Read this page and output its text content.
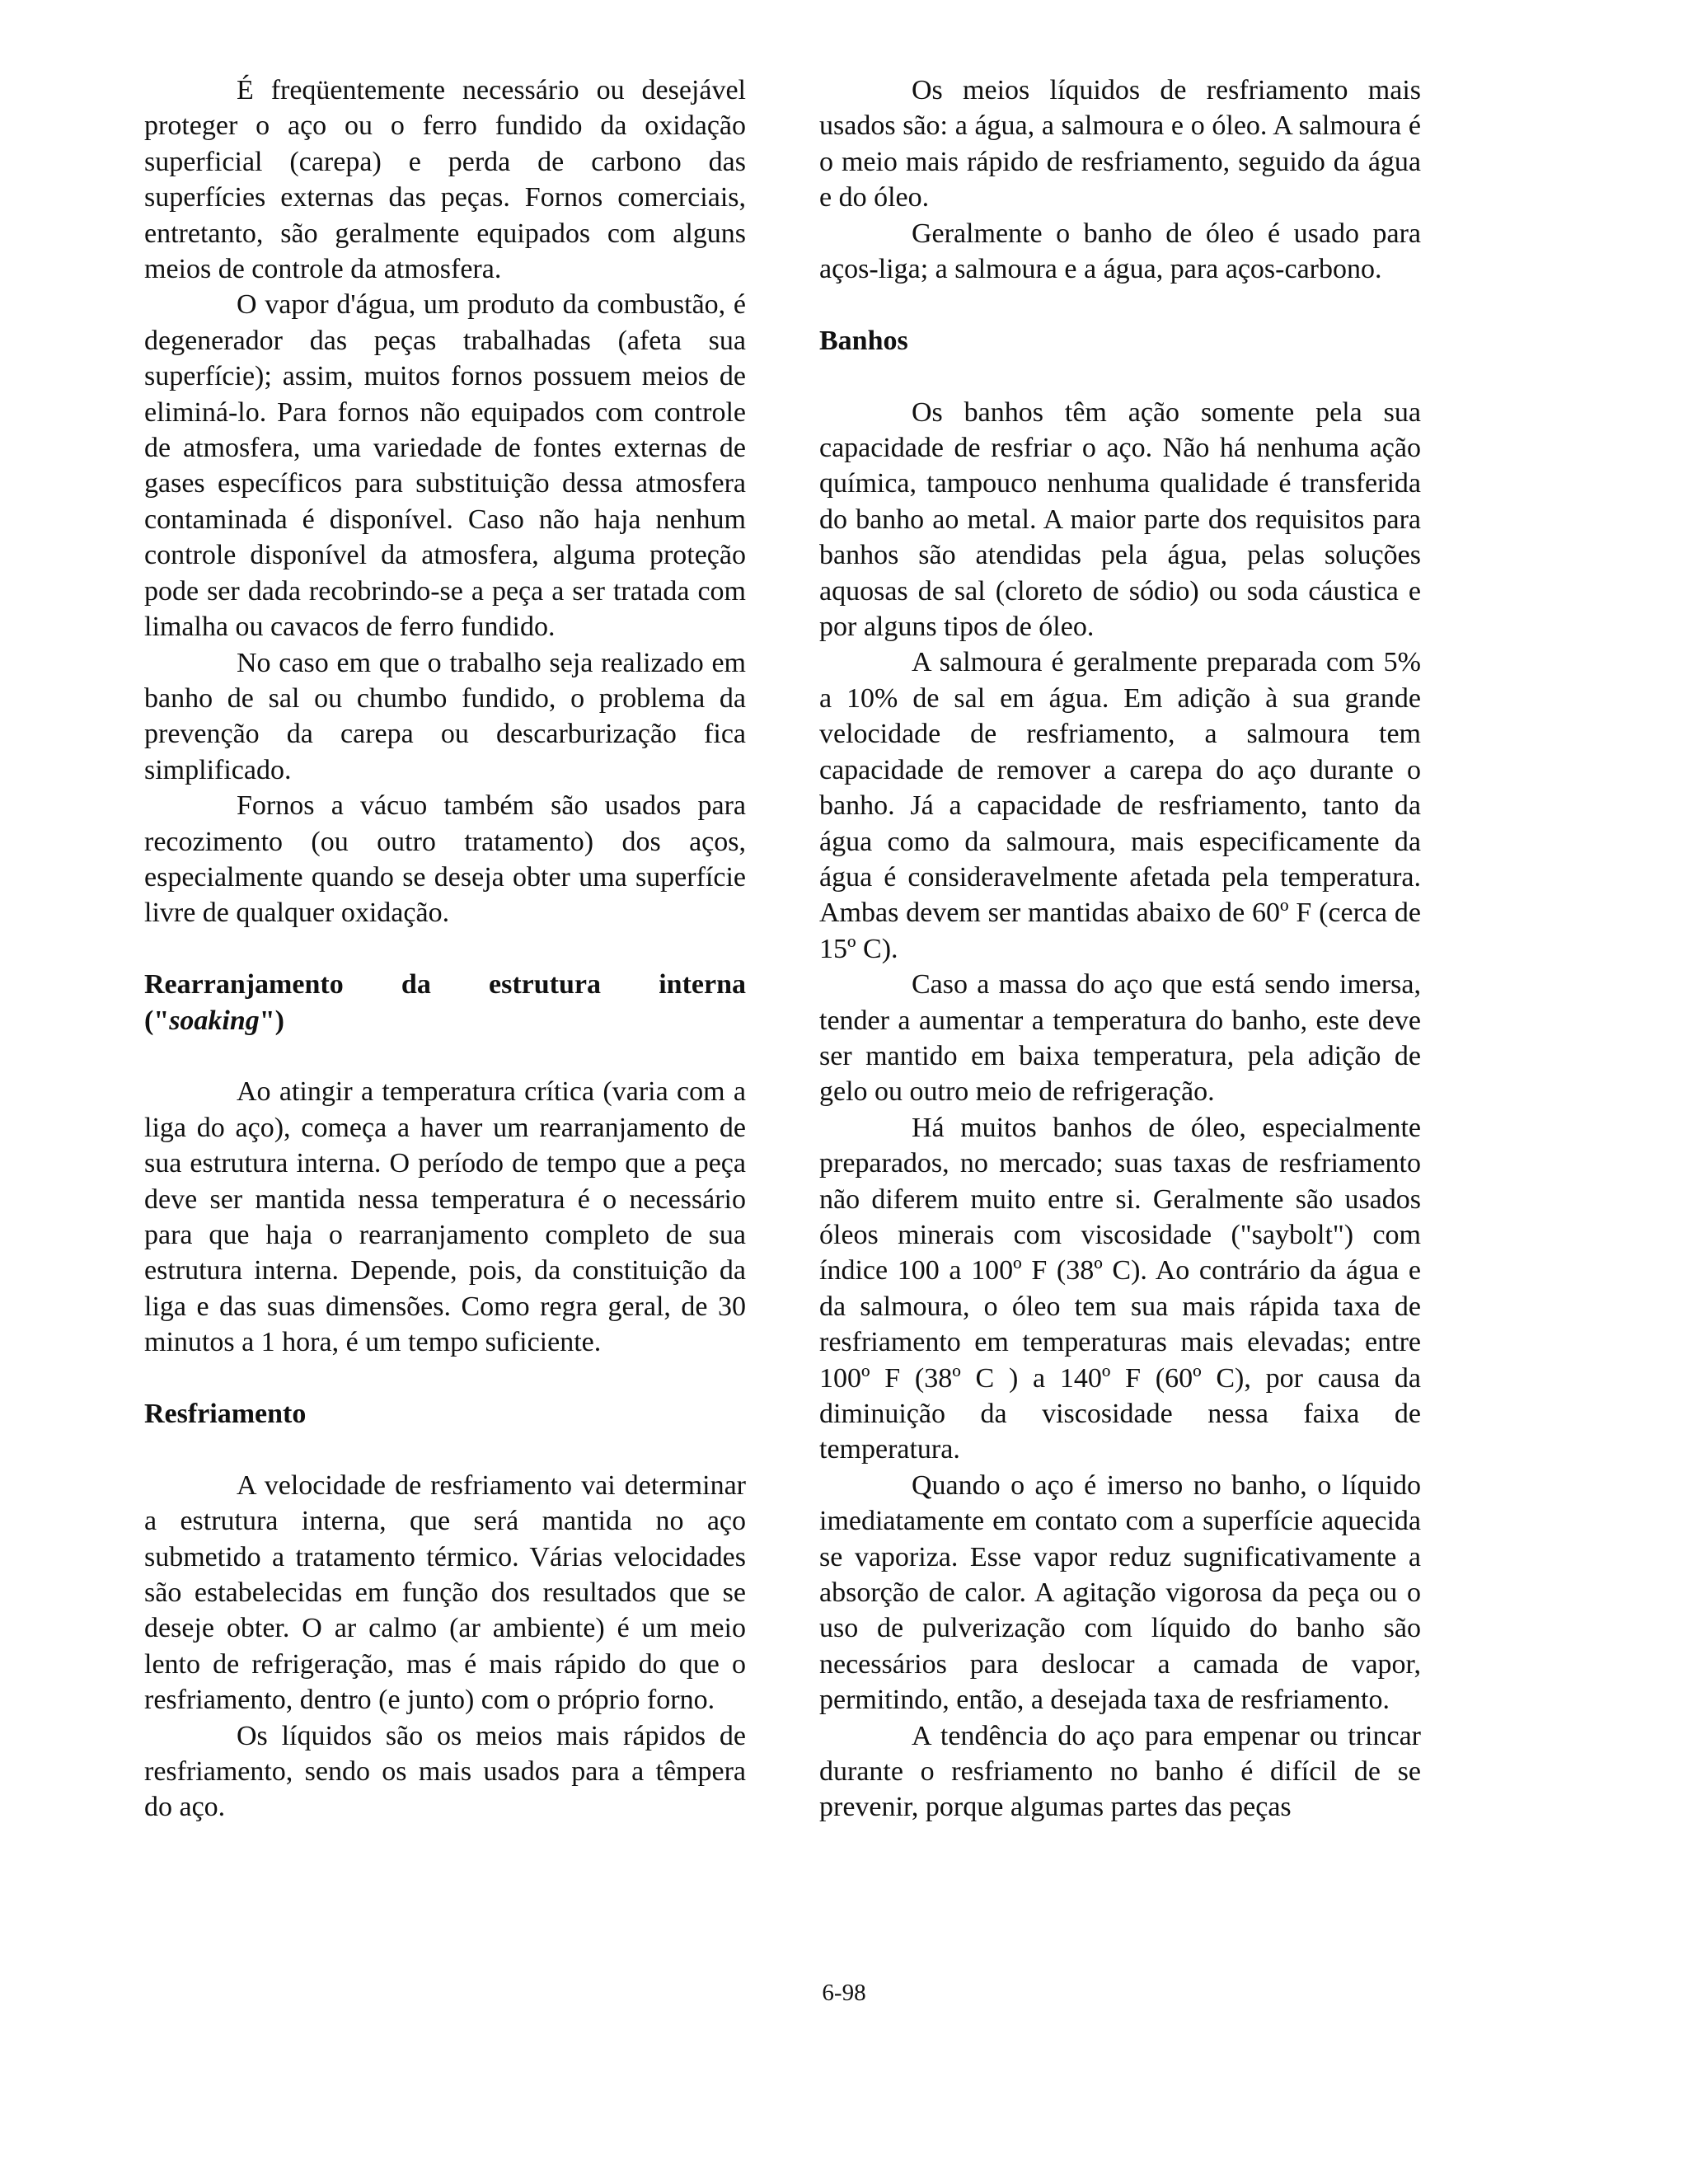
É freqüentemente necessário ou desejável proteger o aço ou o ferro fundido da oxidação superficial (carepa) e perda de carbono das superfícies externas das peças. Fornos comerciais, entretanto, são geralmente equipados com alguns meios de controle da atmosfera.

O vapor d'água, um produto da combustão, é degenerador das peças trabalhadas (afeta sua superfície); assim, muitos fornos possuem meios de eliminá-lo. Para fornos não equipados com controle de atmosfera, uma variedade de fontes externas de gases específicos para substituição dessa atmosfera contaminada é disponível. Caso não haja nenhum controle disponível da atmosfera, alguma proteção pode ser dada recobrindo-se a peça a ser tratada com limalha ou cavacos de ferro fundido.

No caso em que o trabalho seja realizado em banho de sal ou chumbo fundido, o problema da prevenção da carepa ou descarburização fica simplificado.

Fornos a vácuo também são usados para recozimento (ou outro tratamento) dos aços, especialmente quando se deseja obter uma superfície livre de qualquer oxidação.

Rearranjamento da estrutura interna
("soaking")

Ao atingir a temperatura crítica (varia com a liga do aço), começa a haver um rearranjamento de sua estrutura interna. O período de tempo que a peça deve ser mantida nessa temperatura é o necessário para que haja o rearranjamento completo de sua estrutura interna. Depende, pois, da constituição da liga e das suas dimensões. Como regra geral, de 30 minutos a 1 hora, é um tempo suficiente.

Resfriamento

A velocidade de resfriamento vai determinar a estrutura interna, que será mantida no aço submetido a tratamento térmico. Várias velocidades são estabelecidas em função dos resultados que se deseje obter. O ar calmo (ar ambiente) é um meio lento de refrigeração, mas é mais rápido do que o resfriamento, dentro (e junto) com o próprio forno.

Os líquidos são os meios mais rápidos de resfriamento, sendo os mais usados para a têmpera do aço.

Os meios líquidos de resfriamento mais usados são: a água, a salmoura e o óleo. A salmoura é o meio mais rápido de resfriamento, seguido da água e do óleo.

Geralmente o banho de óleo é usado para aços-liga; a salmoura e a água, para aços-carbono.

Banhos

Os banhos têm ação somente pela sua capacidade de resfriar o aço. Não há nenhuma ação química, tampouco nenhuma qualidade é transferida do banho ao metal. A maior parte dos requisitos para banhos são atendidas pela água, pelas soluções aquosas de sal (cloreto de sódio) ou soda cáustica e por alguns tipos de óleo.

A salmoura é geralmente preparada com 5% a 10% de sal em água. Em adição à sua grande velocidade de resfriamento, a salmoura tem capacidade de remover a carepa do aço durante o banho. Já a capacidade de resfriamento, tanto da água como da salmoura, mais especificamente da água é consideravelmente afetada pela temperatura. Ambas devem ser mantidas abaixo de 60º F (cerca de 15º C).

Caso a massa do aço que está sendo imersa, tender a aumentar a temperatura do banho, este deve ser mantido em baixa temperatura, pela adição de gelo ou outro meio de refrigeração.

Há muitos banhos de óleo, especialmente preparados, no mercado; suas taxas de resfriamento não diferem muito entre si. Geralmente são usados óleos minerais com viscosidade ("saybolt") com índice 100 a 100º F (38º C). Ao contrário da água e da salmoura, o óleo tem sua mais rápida taxa de resfriamento em temperaturas mais elevadas; entre 100º F (38º C ) a 140º F (60º C), por causa da diminuição da viscosidade nessa faixa de temperatura.

Quando o aço é imerso no banho, o líquido imediatamente em contato com a superfície aquecida se vaporiza. Esse vapor reduz sugnificativamente a absorção de calor. A agitação vigorosa da peça ou o uso de pulverização com líquido do banho são necessários para deslocar a camada de vapor, permitindo, então, a desejada taxa de resfriamento.

A tendência do aço para empenar ou trincar durante o resfriamento no banho é difícil de se prevenir, porque algumas partes das peças

6-98
